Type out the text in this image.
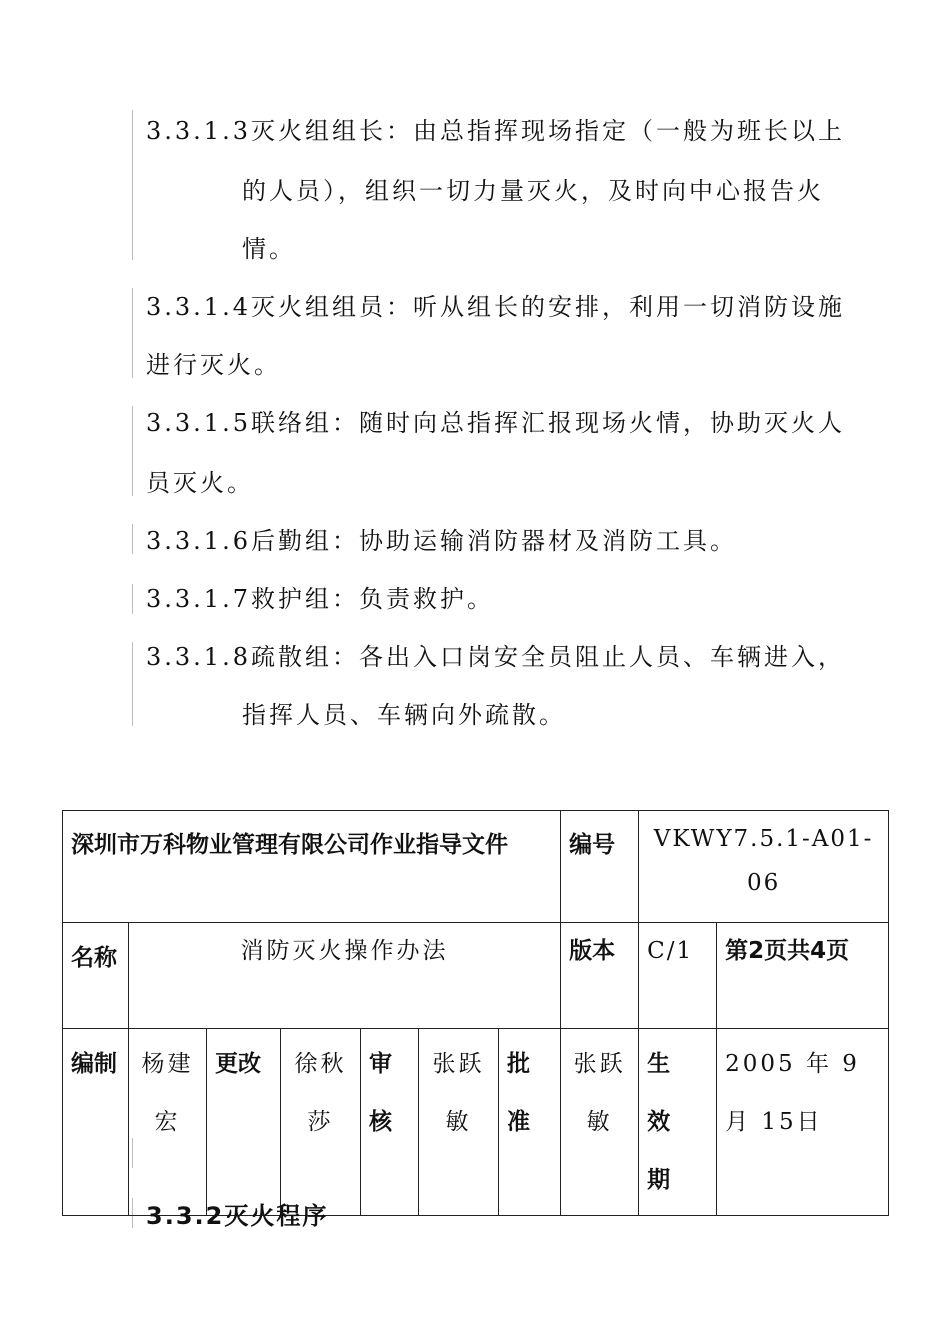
3.3.1.3灭火组组长：由总指挥现场指定（一般为班长以上
的人员），组织一切力量灭火，及时向中心报告火
情。
3.3.1.4灭火组组员：听从组长的安排，利用一切消防设施
进行灭火。
3.3.1.5联络组：随时向总指挥汇报现场火情，协助灭火人
员灭火。
3.3.1.6后勤组：协助运输消防器材及消防工具。
3.3.1.7救护组：负责救护。
3.3.1.8疏散组：各出入口岗安全员阻止人员、车辆进入，
指挥人员、车辆向外疏散。
深圳市万科物业管理有限公司作业指导文件							编号	VKWY7.5.1-A01-06	
名称	消防灭火操作办法						版本	C/1	第2页共4页
编制	杨建宏	更改	徐秋莎	审核	张跃敏	批准	张跃敏	生效期	2005 年 9 月 15日
3.3.2灭火程序
